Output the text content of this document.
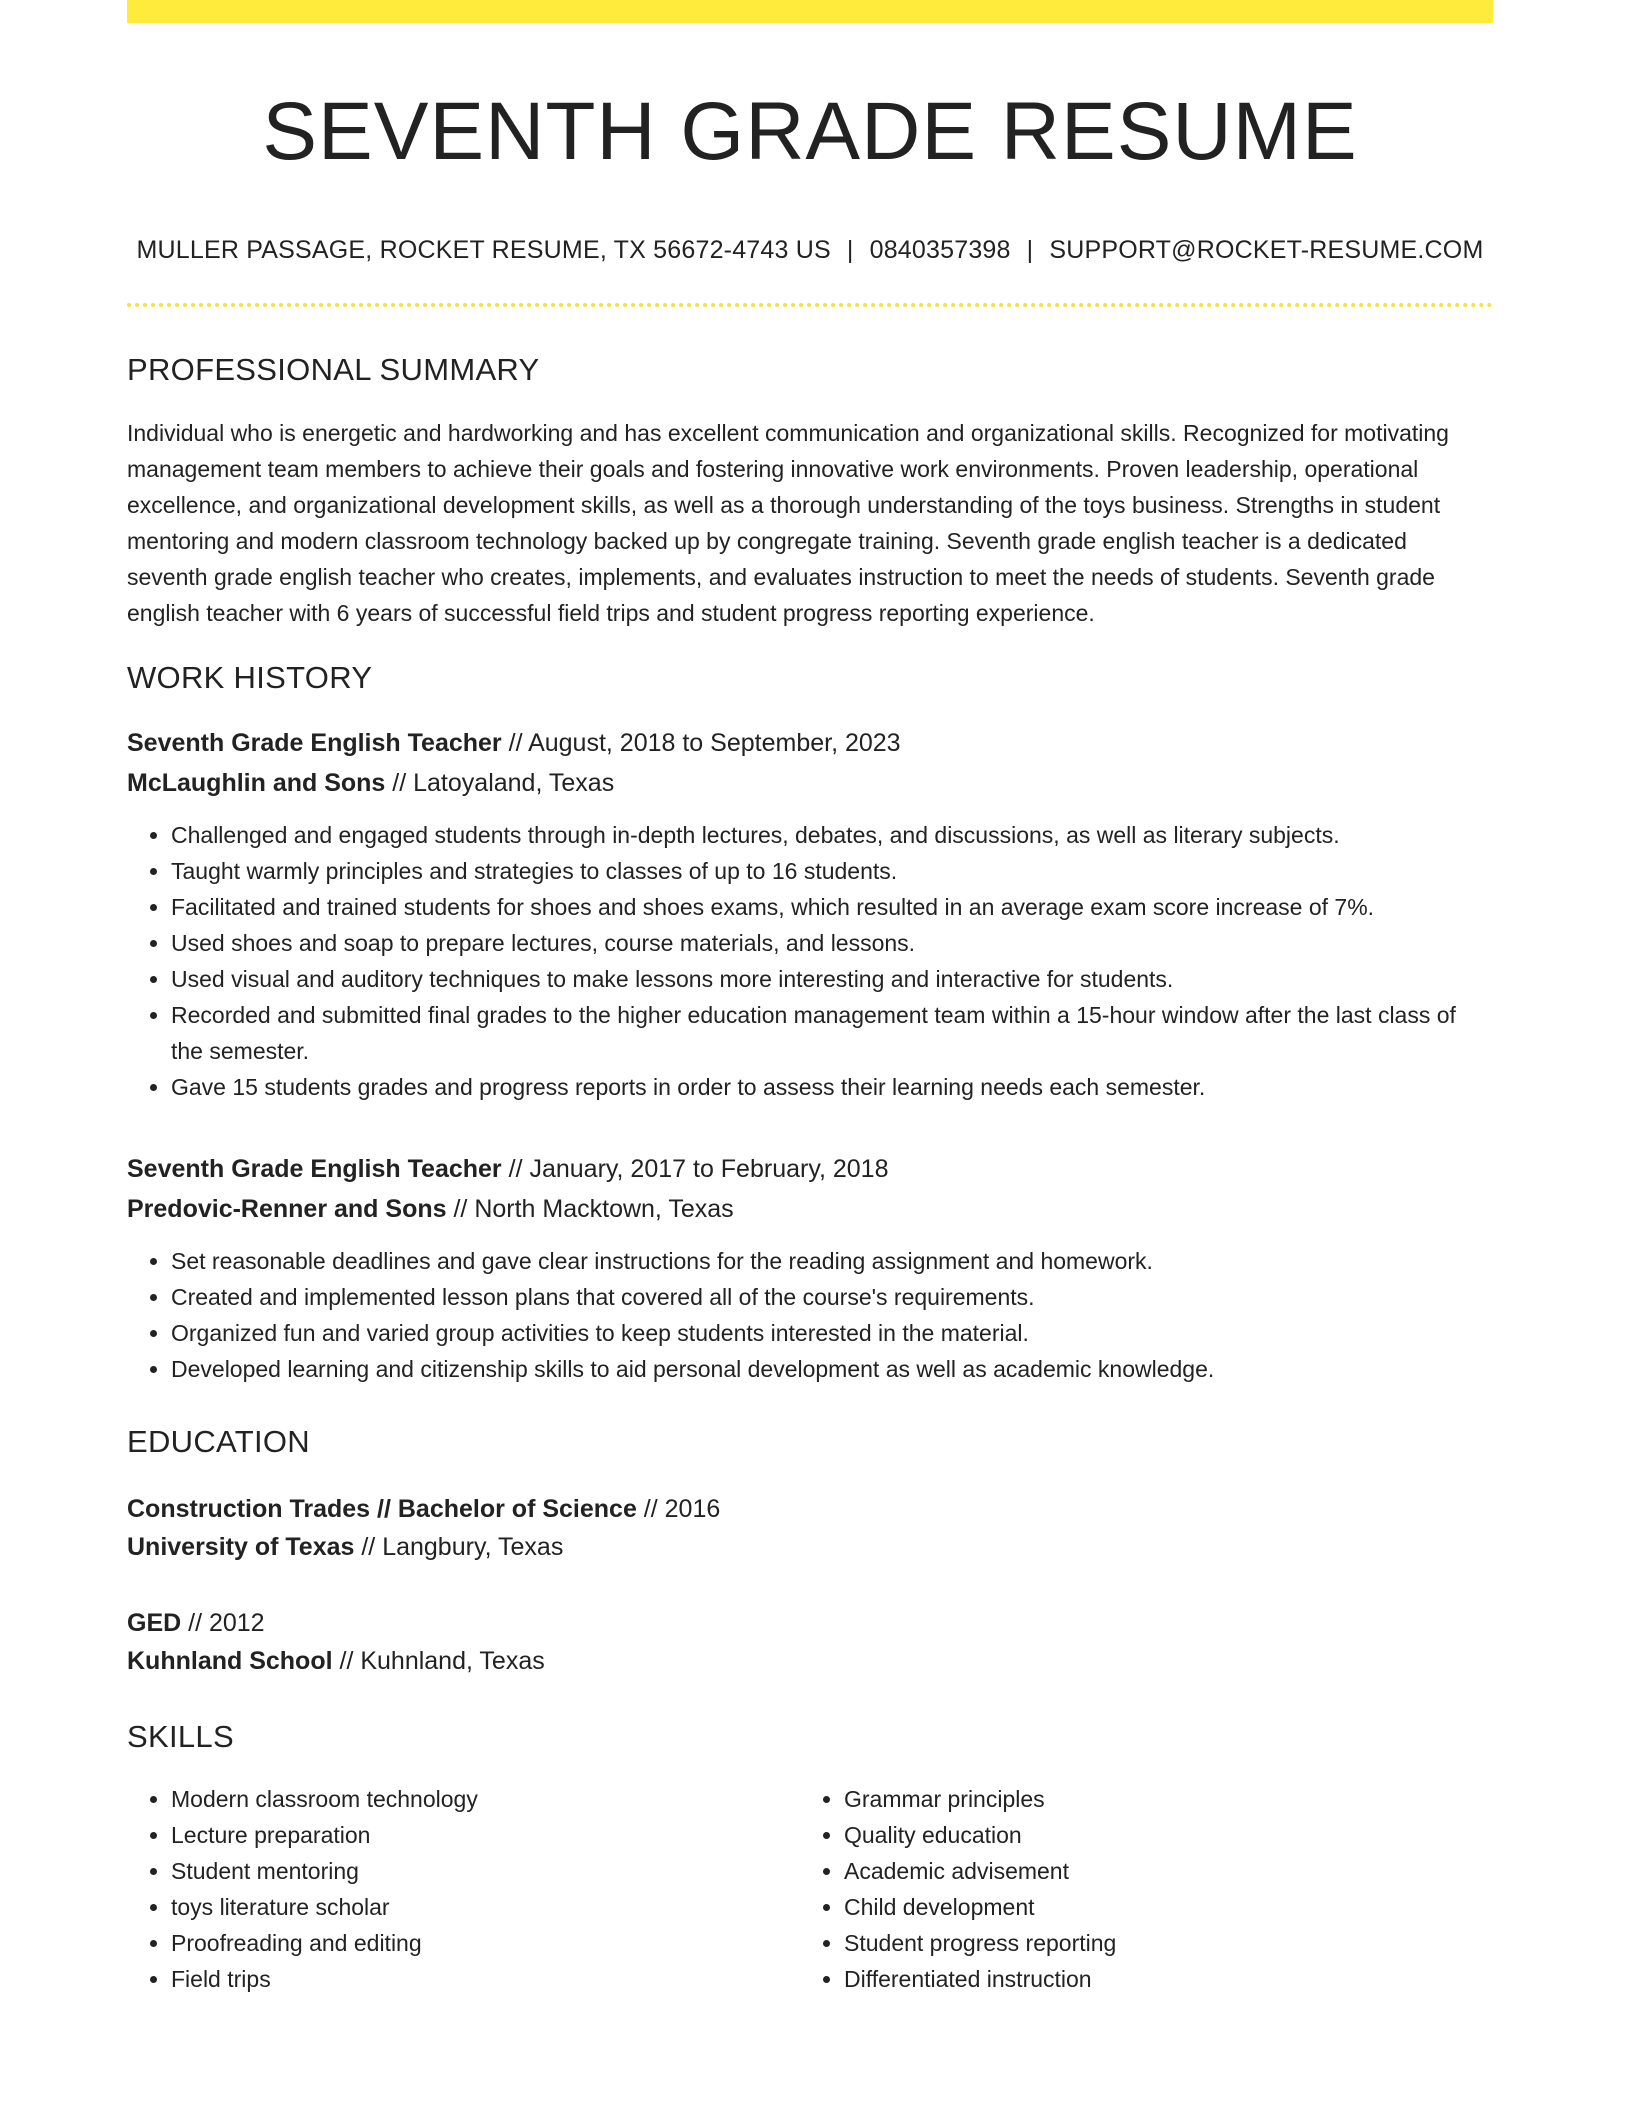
SEVENTH GRADE RESUME
MULLER PASSAGE, ROCKET RESUME, TX 56672-4743 US | 0840357398 | SUPPORT@ROCKET-RESUME.COM
PROFESSIONAL SUMMARY

Individual who is energetic and hardworking and has excellent communication and organizational skills. Recognized for motivating management team members to achieve their goals and fostering innovative work environments. Proven leadership, operational excellence, and organizational development skills, as well as a thorough understanding of the toys business. Strengths in student mentoring and modern classroom technology backed up by congregate training. Seventh grade english teacher is a dedicated seventh grade english teacher who creates, implements, and evaluates instruction to meet the needs of students. Seventh grade english teacher with 6 years of successful field trips and student progress reporting experience.

WORK HISTORY
Seventh Grade English Teacher // August, 2018 to September, 2023
McLaughlin and Sons // Latoyaland, Texas
• Challenged and engaged students through in-depth lectures, debates, and discussions, as well as literary subjects.
• Taught warmly principles and strategies to classes of up to 16 students.
• Facilitated and trained students for shoes and shoes exams, which resulted in an average exam score increase of 7%.
• Used shoes and soap to prepare lectures, course materials, and lessons.
• Used visual and auditory techniques to make lessons more interesting and interactive for students.
• Recorded and submitted final grades to the higher education management team within a 15-hour window after the last class of the semester.
• Gave 15 students grades and progress reports in order to assess their learning needs each semester.
Seventh Grade English Teacher // January, 2017 to February, 2018
Predovic-Renner and Sons // North Macktown, Texas
• Set reasonable deadlines and gave clear instructions for the reading assignment and homework.
• Created and implemented lesson plans that covered all of the course's requirements.
• Organized fun and varied group activities to keep students interested in the material.
• Developed learning and citizenship skills to aid personal development as well as academic knowledge.
EDUCATION
Construction Trades // Bachelor of Science // 2016
University of Texas // Langbury, Texas
GED // 2012
Kuhnland School // Kuhnland, Texas
SKILLS
• Modern classroom technology
• Lecture preparation
• Student mentoring
• toys literature scholar
• Proofreading and editing
• Field trips
• Grammar principles
• Quality education
• Academic advisement
• Child development
• Student progress reporting
• Differentiated instruction
